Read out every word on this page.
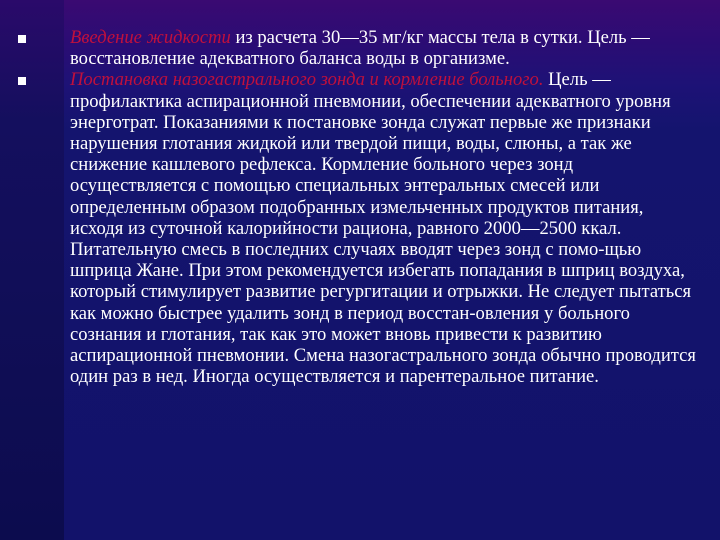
Введение жидкости из расчета 30—35 мг/кг массы тела в сутки. Цель — восстановление адекватного баланса воды в организме.
Постановка назогастрального зонда и кормление больного. Цель — профилактика аспирационной пневмонии, обеспечении адекватного уровня энерготрат. Показаниями к постановке зонда служат первые же признаки нарушения глотания жидкой или твердой пищи, воды, слюны, а так же снижение кашлевого рефлекса. Кормление больного через зонд осуществляется с помощью специальных энтеральных смесей или определенным образом подобранных измельченных продуктов питания, исходя из суточной калорийности рациона, равного 2000—2500 ккал. Питательную смесь в последних случаях вводят через зонд с помо-щью шприца Жане. При этом рекомендуется избегать попадания в шприц воздуха, который стимулирует развитие регургитации и отрыжки. Не следует пытаться как можно быстрее удалить зонд в период восстан-овления у больного сознания и глотания, так как это может вновь привести к развитию аспирационной пневмонии. Смена назогастрального зонда обычно проводится один раз в нед. Иногда осуществляется и парентеральное питание.
